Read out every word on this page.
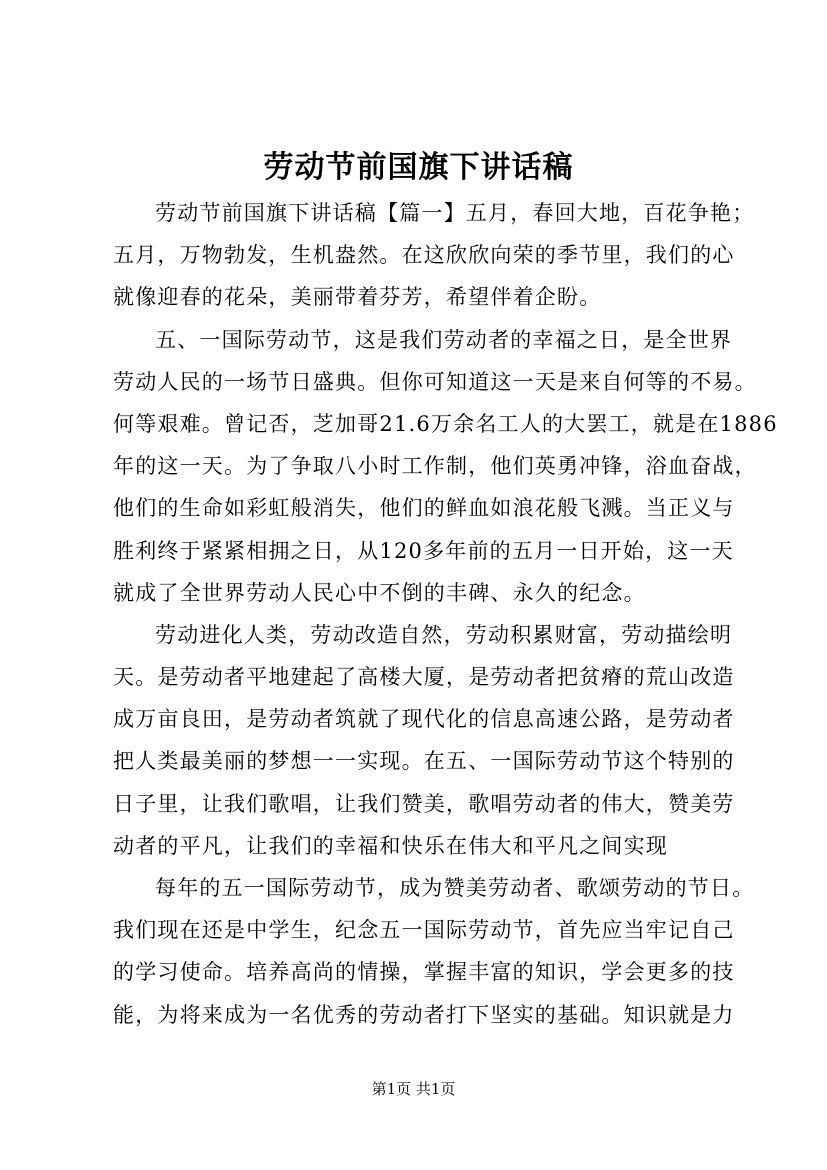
劳动节前国旗下讲话稿
劳动节前国旗下讲话稿【篇一】五月，春回大地，百花争艳；
五月，万物勃发，生机盎然。在这欣欣向荣的季节里，我们的心
就像迎春的花朵，美丽带着芬芳，希望伴着企盼。
五、一国际劳动节，这是我们劳动者的幸福之日，是全世界
劳动人民的一场节日盛典。但你可知道这一天是来自何等的不易。
何等艰难。曾记否，芝加哥21.6万余名工人的大罢工，就是在1886
年的这一天。为了争取八小时工作制，他们英勇冲锋，浴血奋战，
他们的生命如彩虹般消失，他们的鲜血如浪花般飞溅。当正义与
胜利终于紧紧相拥之日，从120多年前的五月一日开始，这一天
就成了全世界劳动人民心中不倒的丰碑、永久的纪念。
劳动进化人类，劳动改造自然，劳动积累财富，劳动描绘明
天。是劳动者平地建起了高楼大厦，是劳动者把贫瘠的荒山改造
成万亩良田，是劳动者筑就了现代化的信息高速公路，是劳动者
把人类最美丽的梦想一一实现。在五、一国际劳动节这个特别的
日子里，让我们歌唱，让我们赞美，歌唱劳动者的伟大，赞美劳
动者的平凡，让我们的幸福和快乐在伟大和平凡之间实现
每年的五一国际劳动节，成为赞美劳动者、歌颂劳动的节日。
我们现在还是中学生，纪念五一国际劳动节，首先应当牢记自己
的学习使命。培养高尚的情操，掌握丰富的知识，学会更多的技
能，为将来成为一名优秀的劳动者打下坚实的基础。知识就是力
第1页 共1页
